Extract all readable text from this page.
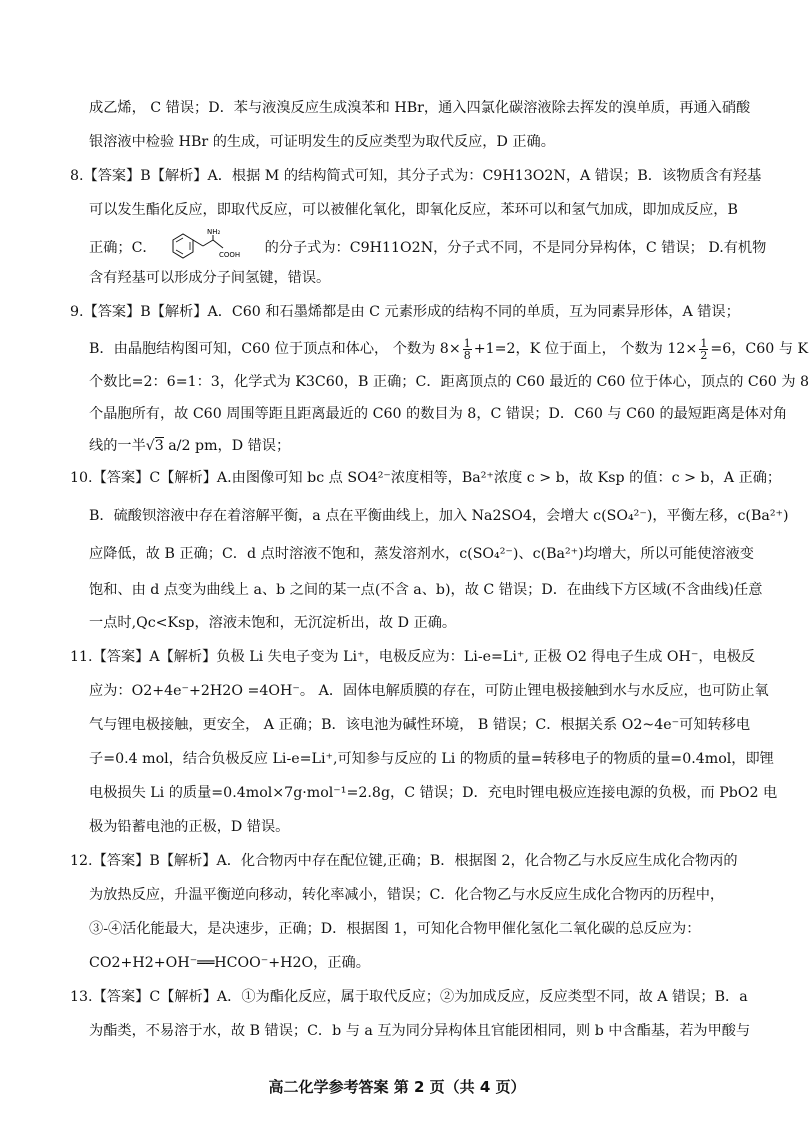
成乙烯， C 错误；D．苯与液溴反应生成溴苯和 HBr，通入四氯化碳溶液除去挥发的溴单质，再通入硝酸
银溶液中检验 HBr 的生成，可证明发生的反应类型为取代反应，D 正确。
8.【答案】B【解析】A．根据 M 的结构简式可知，其分子式为：C9H13O2N，A 错误；B．该物质含有羟基
可以发生酯化反应，即取代反应，可以被催化氧化，即氧化反应，苯环可以和氢气加成，即加成反应，B
正确；C．
NH₂
COOH 的分子式为：C9H11O2N，分子式不同，不是同分异构体，C 错误； D.有机物
含有羟基可以形成分子间氢键，错误。
9.【答案】B【解析】A．C60 和石墨烯都是由 C 元素形成的结构不同的单质，互为同素异形体，A 错误；
B．由晶胞结构图可知，C60 位于顶点和体心， 个数为 $8\times \frac{1}{8} +1=2$，K 位于面上， 个数为 $12\times \frac{1}{2} =6$，C60 与 K
个数比=2：6=1：3，化学式为 K3C60，B 正确；C．距离顶点的 C60 最近的 C60 位于体心，顶点的 C60 为 8
个晶胞所有，故 C60 周围等距且距离最近的 C60 的数目为 8，C 错误；D．C60 与 C60 的最短距离是体对角
线的一半√3 a/2 pm，D 错误；
10.【答案】C【解析】A.由图像可知 bc 点 SO4²⁻浓度相等，Ba²⁺浓度 c > b，故 Ksp 的值：c > b，A 正确；
B．硫酸钡溶液中存在着溶解平衡，a 点在平衡曲线上，加入 Na2SO4，会增大 c(SO₄²⁻)，平衡左移，c(Ba²⁺)
应降低，故 B 正确；C．d 点时溶液不饱和，蒸发溶剂水，c(SO₄²⁻)、c(Ba²⁺)均增大，所以可能使溶液变
饱和、由 d 点变为曲线上 a、b 之间的某一点(不含 a、b)，故 C 错误；D．在曲线下方区域(不含曲线)任意
一点时,Qc<Ksp，溶液未饱和，无沉淀析出，故 D 正确。
11.【答案】A【解析】负极 Li 失电子变为 Li⁺，电极反应为：Li-e=Li⁺, 正极 O2 得电子生成 OH⁻，电极反
应为：O2+4e⁻+2H2O =4OH⁻。 A．固体电解质膜的存在，可防止锂电极接触到水与水反应，也可防止氧
气与锂电极接触，更安全， A 正确；B．该电池为碱性环境， B 错误；C．根据关系 O2~4e⁻可知转移电
子=0.4 mol，结合负极反应 Li-e=Li⁺,可知参与反应的 Li 的物质的量=转移电子的物质的量=0.4mol，即锂
电极损失 Li 的质量=0.4mol×7g·mol⁻¹=2.8g，C 错误；D．充电时锂电极应连接电源的负极，而 PbO2 电
极为铅蓄电池的正极，D 错误。
12.【答案】B【解析】A．化合物丙中存在配位键,正确；B．根据图 2，化合物乙与水反应生成化合物丙的
为放热反应，升温平衡逆向移动，转化率减小，错误；C．化合物乙与水反应生成化合物丙的历程中，
③-④活化能最大，是决速步，正确；D．根据图 1，可知化合物甲催化氢化二氧化碳的总反应为：
CO2+H2+OH⁻══HCOO⁻+H2O，正确。
13.【答案】C【解析】A．①为酯化反应，属于取代反应；②为加成反应，反应类型不同，故 A 错误；B．a
为酯类，不易溶于水，故 B 错误；C．b 与 a 互为同分异构体且官能团相同，则 b 中含酯基，若为甲酸与
高二化学参考答案 第 2 页（共 4 页）
